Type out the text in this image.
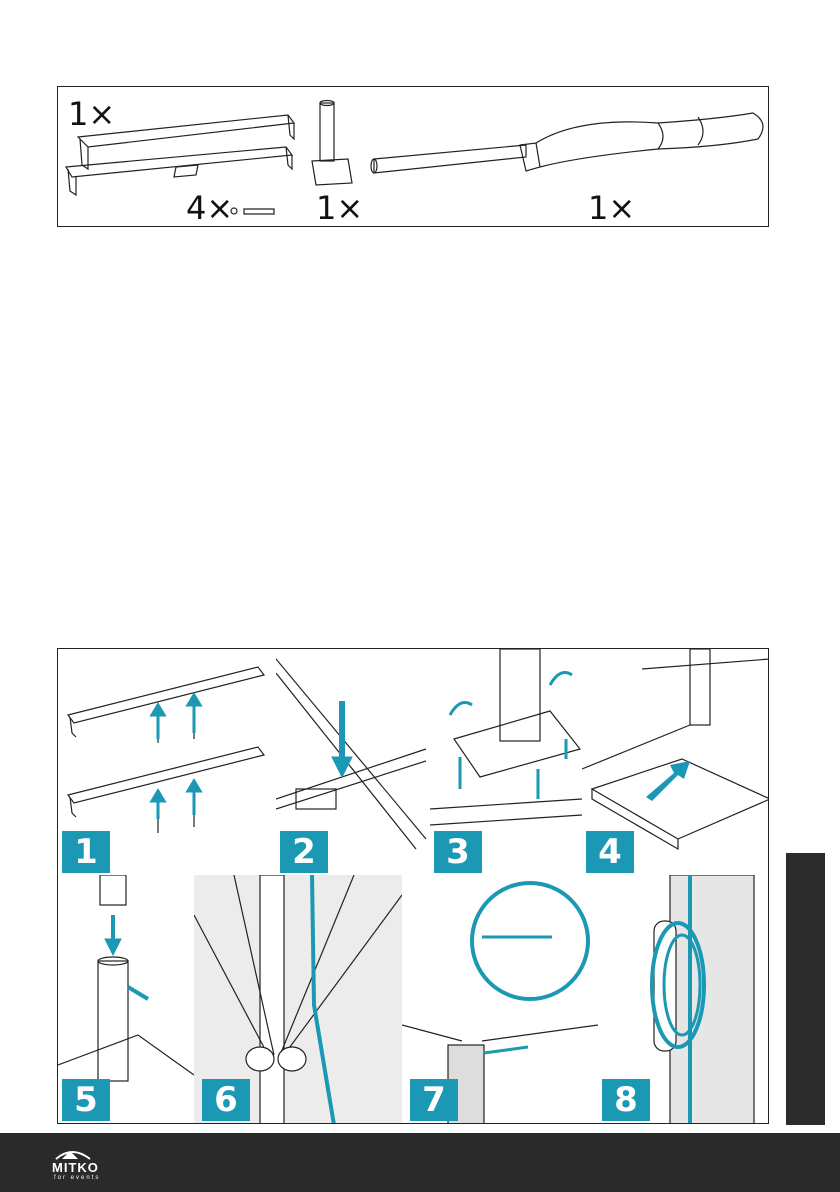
1×
4×	1×	1×
1	2	3	4
5	6	7	8
MITKO
for events
